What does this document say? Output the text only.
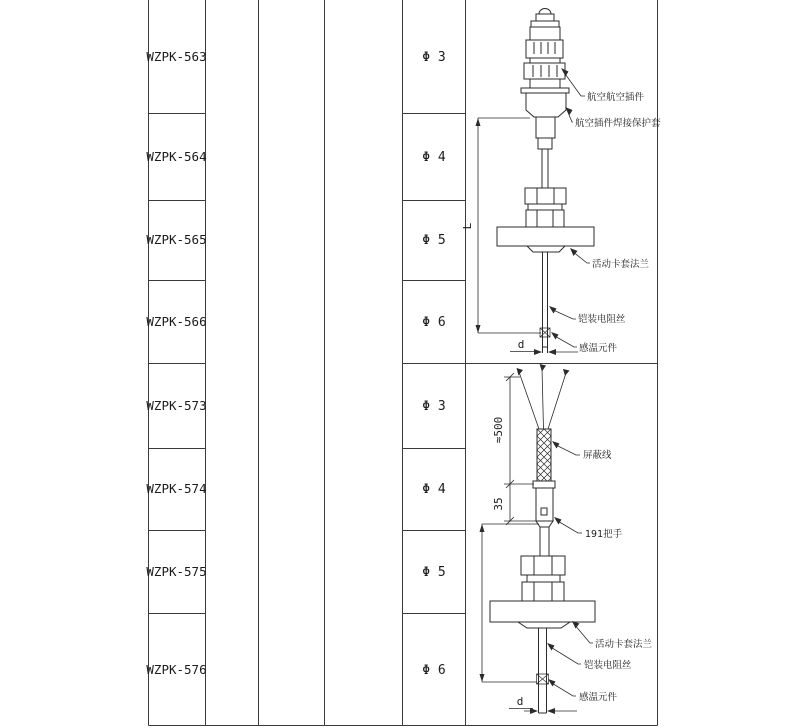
WZPK-563
WZPK-564
WZPK-565
WZPK-566
WZPK-573
WZPK-574
WZPK-575
WZPK-576
Φ 3
Φ 4
Φ 5
Φ 6
Φ 3
Φ 4
Φ 5
Φ 6
L
d
航空航空插件
航空插件焊接保护套
活动卡套法兰
铠装电阻丝
感温元件
≈500
35
d
屏蔽线
191把手
活动卡套法兰
铠装电阻丝
感温元件
